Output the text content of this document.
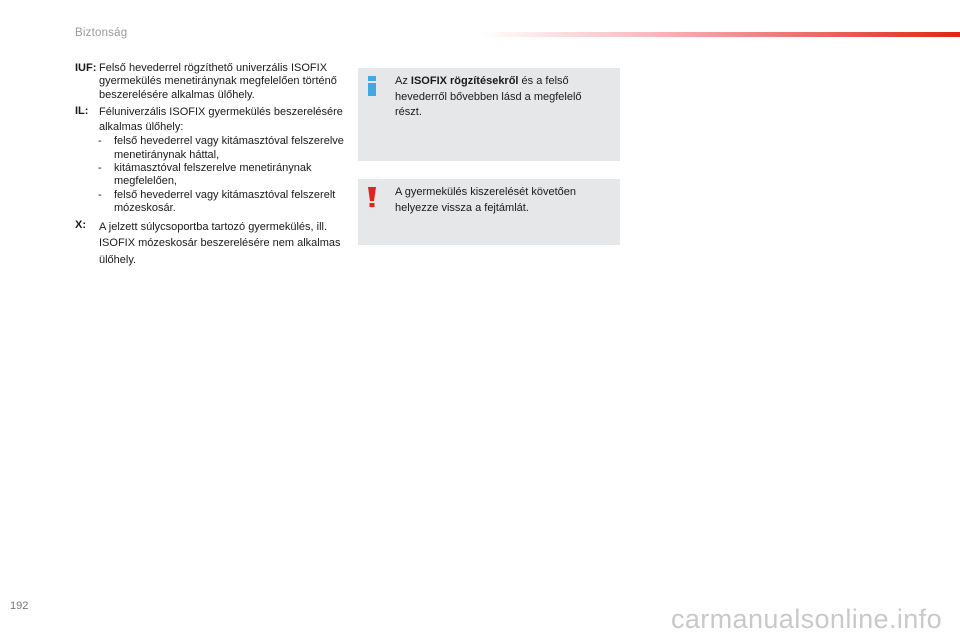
Biztonság
IUF: Felső hevederrel rögzíthető univerzális ISOFIX gyermekülés menetiránynak megfelelően történő beszerelésére alkalmas ülőhely.
IL: Féluniverzális ISOFIX gyermekülés beszerelésére alkalmas ülőhely:
-	felső hevederrel vagy kitámasztóval felszerelve menetiránynak háttal,
-	kitámasztóval felszerelve menetiránynak megfelelően,
-	felső hevederrel vagy kitámasztóval felszerelt mózeskosár.
X:	A jelzett súlycsoportba tartozó gyermekülés, ill. ISOFIX mózeskosár beszerelésére nem alkalmas ülőhely.
Az ISOFIX rögzítésekről és a felső hevederről bővebben lásd a megfelelő részt.
A gyermekülés kiszerelését követően helyezze vissza a fejtámlát.
192	carmanualsonline.info
